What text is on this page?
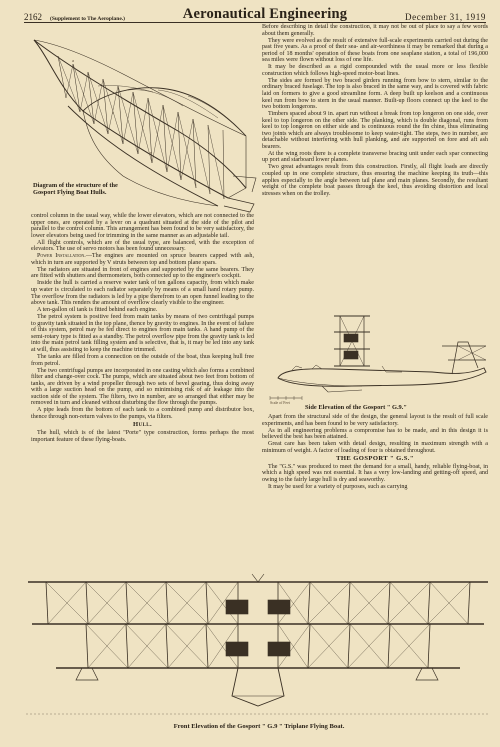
2162 (Supplement to The Aeroplane.)	Aeronautical Engineering	December 31, 1919
a
c
e
Diagram of the structure of the Gosport Flying Boat Hulls.

control column in the usual way, while the lower elevators, which are not connected to the upper ones, are operated by a lever on a quadrant situated at the side of the pilot and parallel to the control column. This arrangement has been found to be very satisfactory, the lower elevators being used for trimming in the same manner as an adjustable tail.

All flight controls, which are of the usual type, are balanced, with the exception of elevators. The use of servo motors has been found unnecessary.

Power Installation.—The engines are mounted on spruce bearers capped with ash, which in turn are supported by V struts between top and bottom plane spars.

The radiators are situated in front of engines and supported by the same bearers. They are fitted with shutters and thermometers, both connected up to the engineer's cockpit.

Inside the hull is carried a reserve water tank of ten gallons capacity, from which make up water is circulated to each radiator separately by means of a small hand rotary pump. The overflow from the radiators is led by a pipe therefrom to an open funnel leading to the above tank. This renders the amount of overflow clearly visible to the engineer.

A ten-gallon oil tank is fitted behind each engine.

The petrol system is positive feed from main tanks by means of two centrifugal pumps to gravity tank situated in the top plane, thence by gravity to engines. In the event of failure of this system, petrol may be fed direct to engines from main tanks. A hand pump of the semi-rotary type is fitted as a standby. The petrol overflow pipe from the gravity tank is led into the main petrol tank filling system and is selective, that is, it may be led into any tank at will, thus assisting to keep the machine trimmed.

The tanks are filled from a connection on the outside of the boat, thus keeping hull free from petrol.

The two centrifugal pumps are incorporated in one casting which also forms a combined filter and change-over cock. The pumps, which are situated about two feet from bottom of tanks, are driven by a wind propeller through two sets of bevel gearing, thus doing away with a large suction head on the pump, and so minimising risk of air leakage into the suction side of the system. The filters, two in number, are so arranged that either may be removed in turn and cleaned without disturbing the flow through the pumps.

A pipe leads from the bottom of each tank to a combined pump and distributor box, thence through non-return valves to the pumps, via filters.

Hull.

The hull, which is of the latest "Porte" type construction, forms perhaps the most important feature of these flying-boats.

Before describing in detail the construction, it may not be out of place to say a few words about them generally.

They were evolved as the result of extensive full-scale experiments carried out during the past five years. As a proof of their sea- and air-worthiness it may be remarked that during a period of 18 months' operation of these boats from one seaplane station, a total of 196,000 sea miles were flown without loss of one life.

It may be described as a rigid compounded with the usual more or less flexible construction which follows high-speed motor-boat lines.

The sides are formed by two braced girders running from bow to stern, similar to the ordinary braced fuselage. The top is also braced in the same way, and is covered with fabric laid on formers to give a good streamline form. A deep built up keelson and a continuous keel run from bow to stern in the usual manner. Built-up floors connect up the keel to the two bottom longerons.

Timbers spaced about 9 in. apart run without a break from top longeron on one side, over keel to top longeron on the other side. The planking, which is double diagonal, runs from keel to top longeron on either side and is continuous round the fin chine, thus eliminating two joints which are always troublesome to keep water-tight. The steps, two in number, are detachable without interfering with hull planking, and are supported on fore and aft ash bearers.

At the wing roots there is a complete transverse bracing unit under each spar connecting up port and starboard lower planes.

Two great advantages result from this construction. Firstly, all flight loads are directly coupled up in one complete structure, thus ensuring the machine keeping its truth—this applies especially to the angle between tail plane and main planes. Secondly, the resultant weight of the complete boat passes through the keel, thus avoiding distortion and local stresses when on the trolley.

Scale of Feet
Side Elevation of the Gosport " G.9."

Apart from the structural side of the design, the general layout is the result of full scale experiments, and has been found to be very satisfactory.

As in all engineering problems a compromise has to be made, and in this design it is believed the best has been attained.

Great care has been taken with detail design, resulting in maximum strength with a minimum of weight. A factor of loading of four is obtained throughout.

THE GOSPORT " G.S."

The "G.S." was produced to meet the demand for a small, handy, reliable flying-boat, in which a high speed was not essential. It has a very low-landing and getting-off speed, and owing to the fairly large hull is dry and seaworthy.

It may be used for a variety of purposes, such as carrying

Front Elevation of the Gosport " G.9 " Triplane Flying Boat.
